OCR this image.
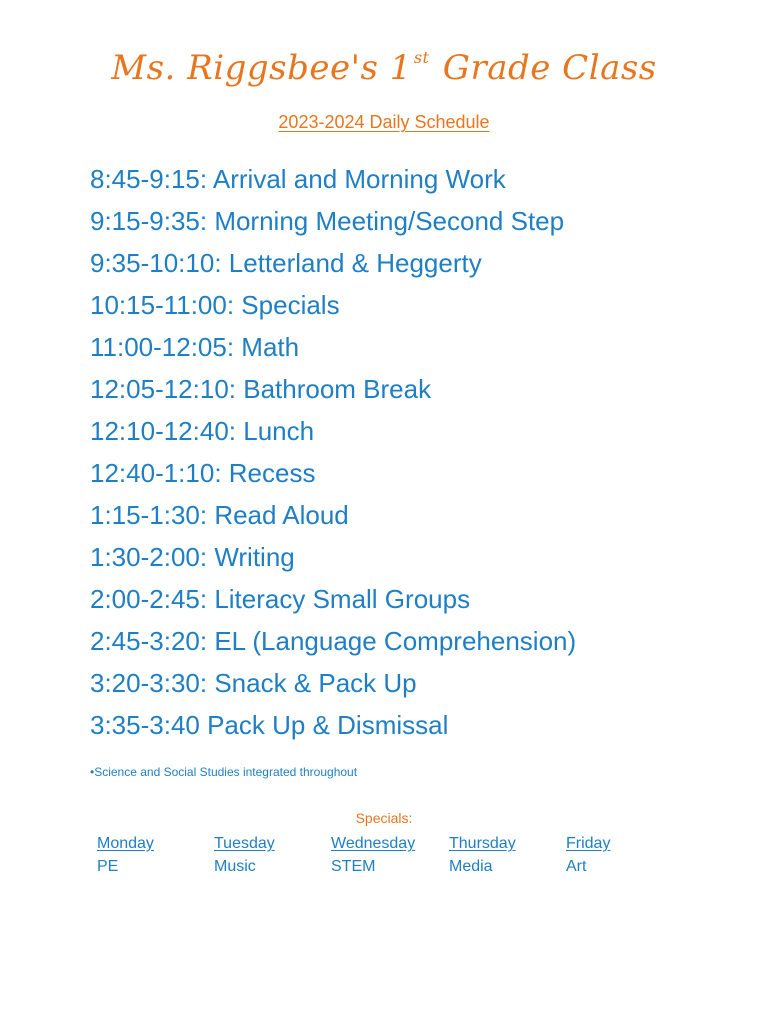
Ms. Riggsbee's 1 $^{st}$ Grade Class
2023-2024 Daily Schedule
8:45-9:15: Arrival and Morning Work
9:15-9:35: Morning Meeting/Second Step
9:35-10:10: Letterland & Heggerty
10:15-11:00: Specials
11:00-12:05: Math
12:05-12:10: Bathroom Break
12:10-12:40: Lunch
12:40-1:10: Recess
1:15-1:30: Read Aloud
1:30-2:00: Writing
2:00-2:45: Literacy Small Groups
2:45-3:20: EL (Language Comprehension)
3:20-3:30: Snack & Pack Up
3:35-3:40 Pack Up & Dismissal
•Science and Social Studies integrated throughout
Specials:
Monday
PE
Tuesday
Music
Wednesday
STEM
Thursday
Media
Friday
Art
